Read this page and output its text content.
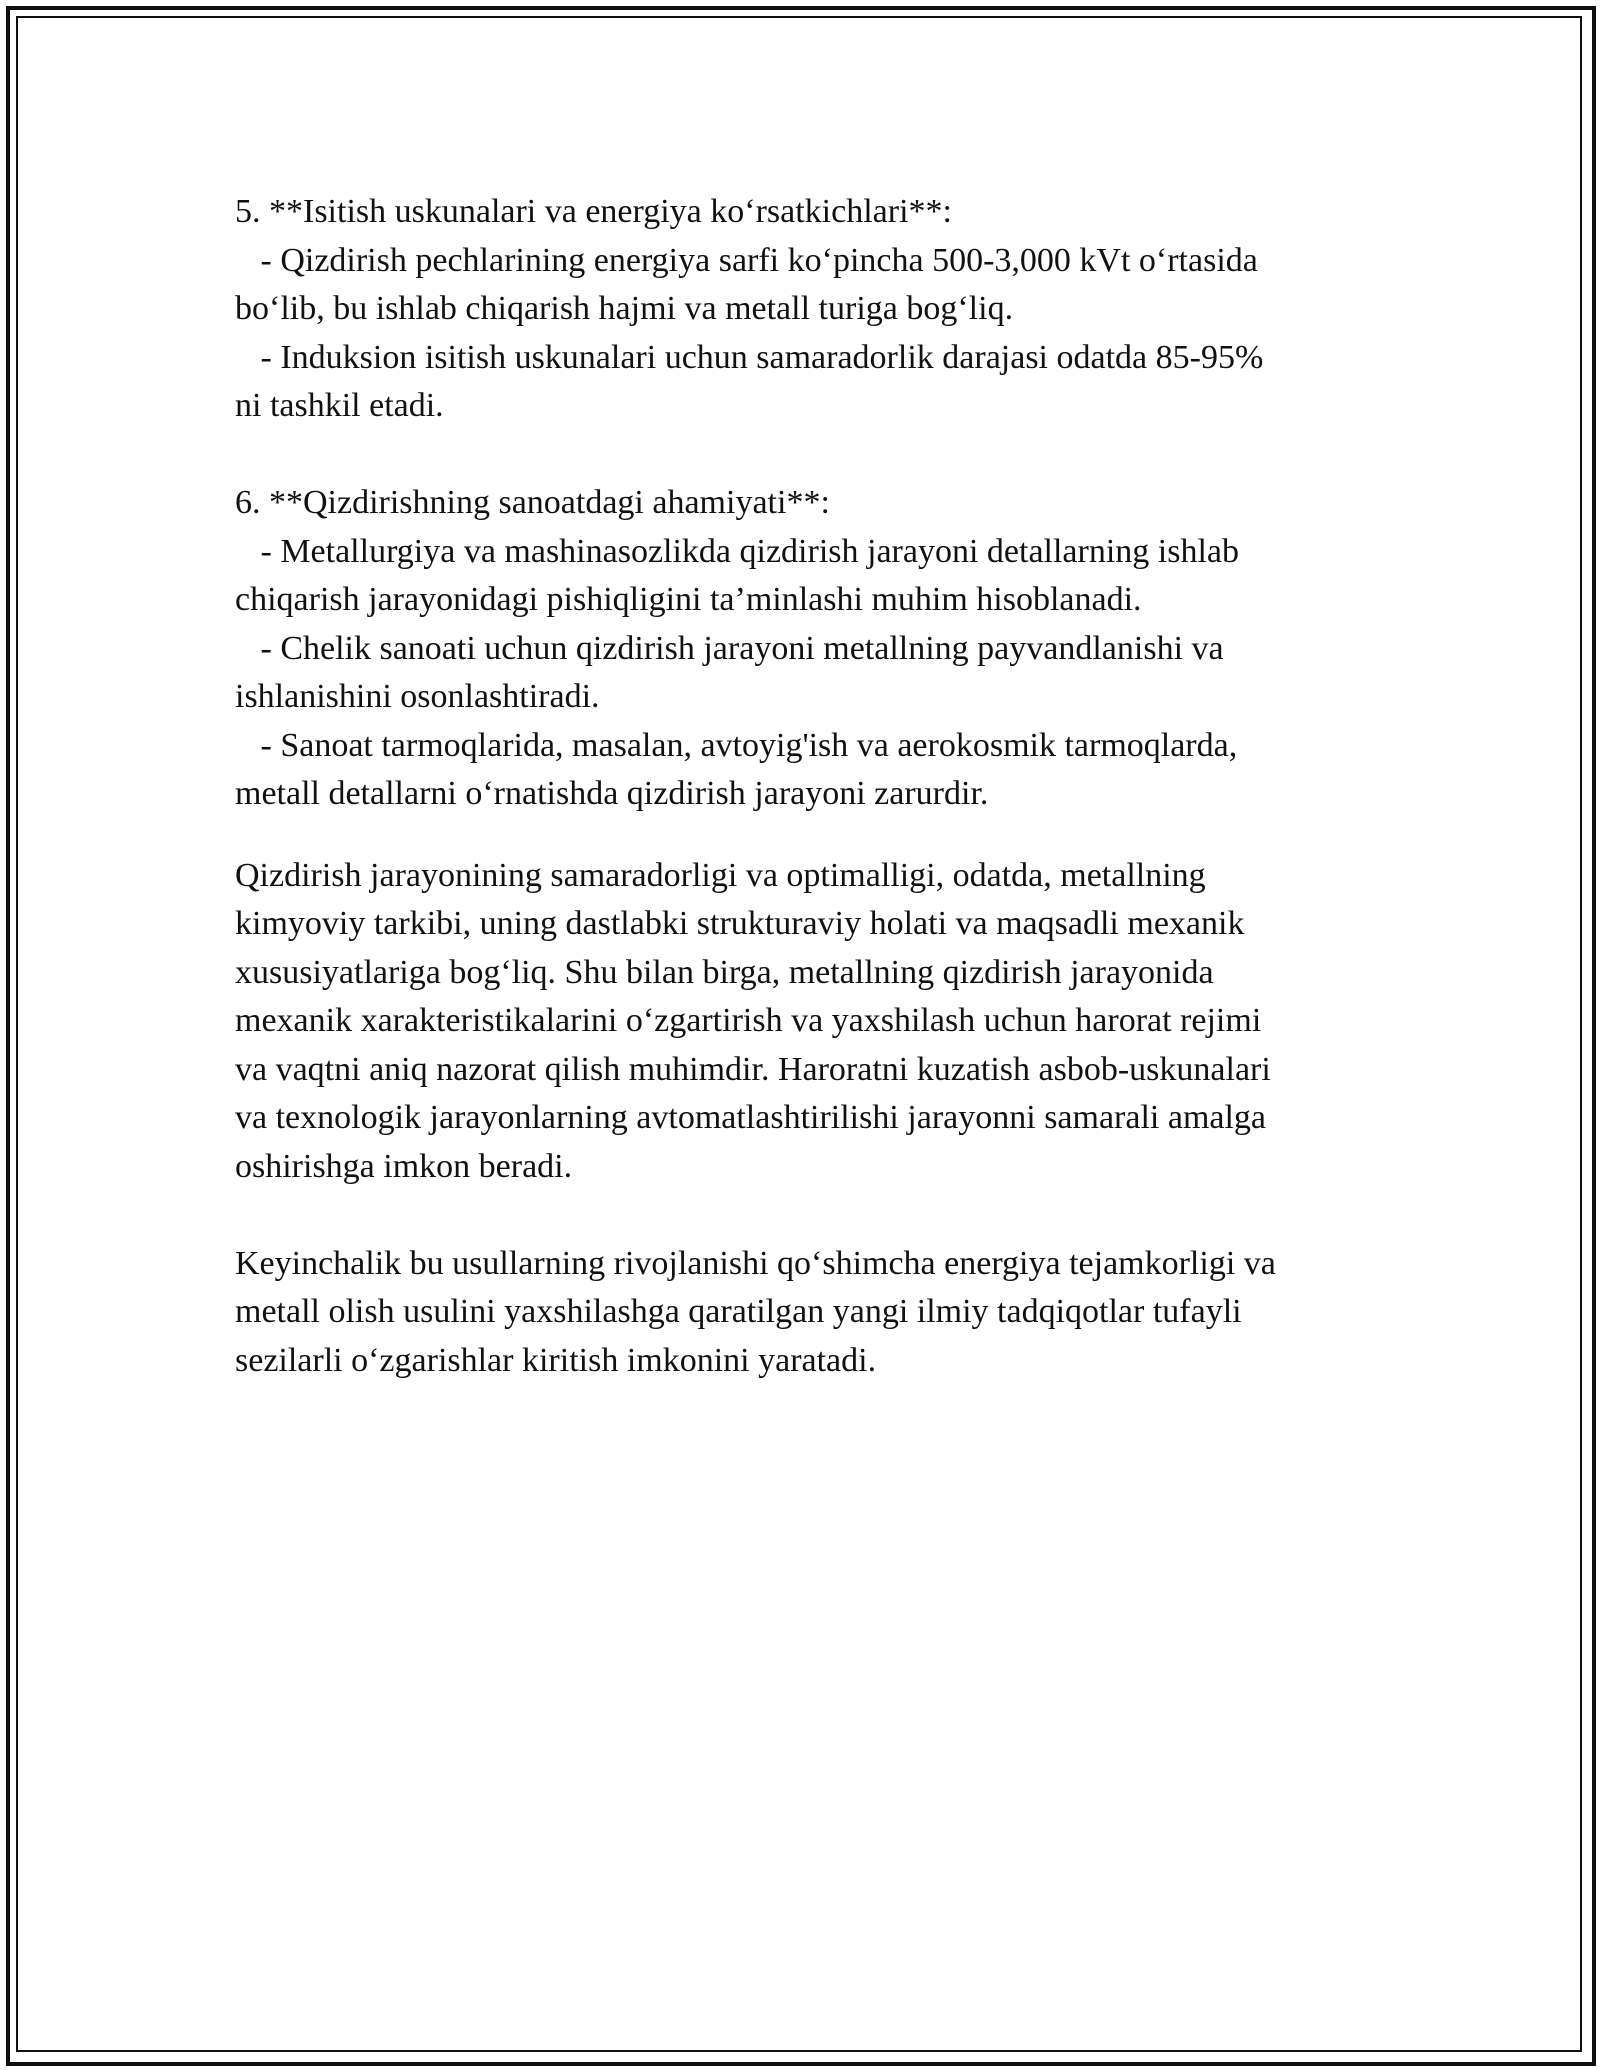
5. **Isitish uskunalari va energiya ko‘rsatkichlari**:

- Qizdirish pechlarining energiya sarfi ko‘pincha 500-3,000 kVt o‘rtasida

bo‘lib, bu ishlab chiqarish hajmi va metall turiga bog‘liq.

- Induksion isitish uskunalari uchun samaradorlik darajasi odatda 85-95%

ni tashkil etadi.

6. **Qizdirishning sanoatdagi ahamiyati**:

- Metallurgiya va mashinasozlikda qizdirish jarayoni detallarning ishlab

chiqarish jarayonidagi pishiqligini ta’minlashi muhim hisoblanadi.

- Chelik sanoati uchun qizdirish jarayoni metallning payvandlanishi va

ishlanishini osonlashtiradi.

- Sanoat tarmoqlarida, masalan, avtoyig'ish va aerokosmik tarmoqlarda,

metall detallarni o‘rnatishda qizdirish jarayoni zarurdir.

Qizdirish jarayonining samaradorligi va optimalligi, odatda, metallning

kimyoviy tarkibi, uning dastlabki strukturaviy holati va maqsadli mexanik

xususiyatlariga bog‘liq. Shu bilan birga, metallning qizdirish jarayonida

mexanik xarakteristikalarini o‘zgartirish va yaxshilash uchun harorat rejimi

va vaqtni aniq nazorat qilish muhimdir. Haroratni kuzatish asbob-uskunalari

va texnologik jarayonlarning avtomatlashtirilishi jarayonni samarali amalga

oshirishga imkon beradi.

Keyinchalik bu usullarning rivojlanishi qo‘shimcha energiya tejamkorligi va

metall olish usulini yaxshilashga qaratilgan yangi ilmiy tadqiqotlar tufayli

sezilarli o‘zgarishlar kiritish imkonini yaratadi.
